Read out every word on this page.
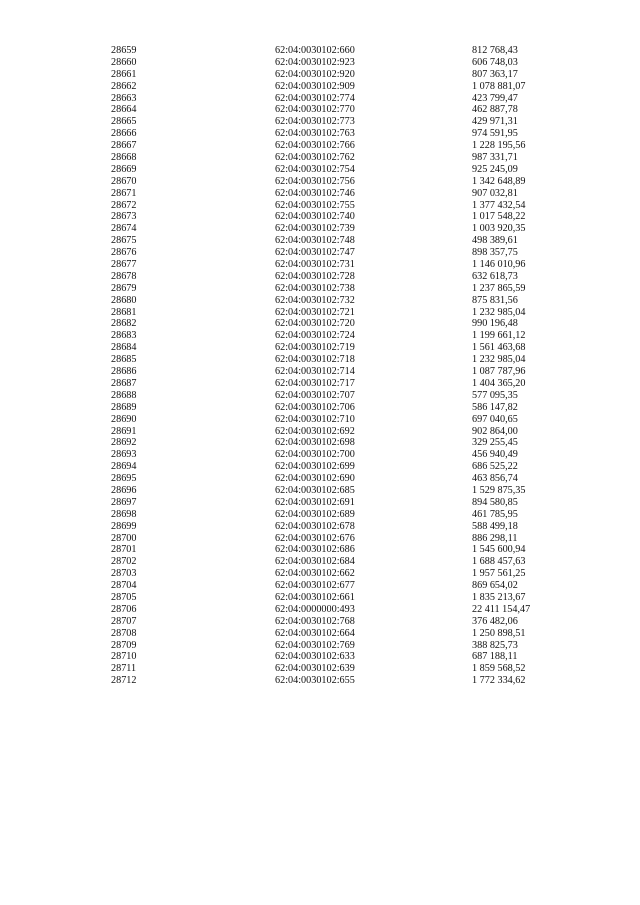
28659	62:04:0030102:660	812 768,43
28660	62:04:0030102:923	606 748,03
28661	62:04:0030102:920	807 363,17
28662	62:04:0030102:909	1 078 881,07
28663	62:04:0030102:774	423 799,47
28664	62:04:0030102:770	462 887,78
28665	62:04:0030102:773	429 971,31
28666	62:04:0030102:763	974 591,95
28667	62:04:0030102:766	1 228 195,56
28668	62:04:0030102:762	987 331,71
28669	62:04:0030102:754	925 245,09
28670	62:04:0030102:756	1 342 648,89
28671	62:04:0030102:746	907 032,81
28672	62:04:0030102:755	1 377 432,54
28673	62:04:0030102:740	1 017 548,22
28674	62:04:0030102:739	1 003 920,35
28675	62:04:0030102:748	498 389,61
28676	62:04:0030102:747	898 357,75
28677	62:04:0030102:731	1 146 010,96
28678	62:04:0030102:728	632 618,73
28679	62:04:0030102:738	1 237 865,59
28680	62:04:0030102:732	875 831,56
28681	62:04:0030102:721	1 232 985,04
28682	62:04:0030102:720	990 196,48
28683	62:04:0030102:724	1 199 661,12
28684	62:04:0030102:719	1 561 463,68
28685	62:04:0030102:718	1 232 985,04
28686	62:04:0030102:714	1 087 787,96
28687	62:04:0030102:717	1 404 365,20
28688	62:04:0030102:707	577 095,35
28689	62:04:0030102:706	586 147,82
28690	62:04:0030102:710	697 040,65
28691	62:04:0030102:692	902 864,00
28692	62:04:0030102:698	329 255,45
28693	62:04:0030102:700	456 940,49
28694	62:04:0030102:699	686 525,22
28695	62:04:0030102:690	463 856,74
28696	62:04:0030102:685	1 529 875,35
28697	62:04:0030102:691	894 580,85
28698	62:04:0030102:689	461 785,95
28699	62:04:0030102:678	588 499,18
28700	62:04:0030102:676	886 298,11
28701	62:04:0030102:686	1 545 600,94
28702	62:04:0030102:684	1 688 457,63
28703	62:04:0030102:662	1 957 561,25
28704	62:04:0030102:677	869 654,02
28705	62:04:0030102:661	1 835 213,67
28706	62:04:0000000:493	22 411 154,47
28707	62:04:0030102:768	376 482,06
28708	62:04:0030102:664	1 250 898,51
28709	62:04:0030102:769	388 825,73
28710	62:04:0030102:633	687 188,11
28711	62:04:0030102:639	1 859 568,52
28712	62:04:0030102:655	1 772 334,62
